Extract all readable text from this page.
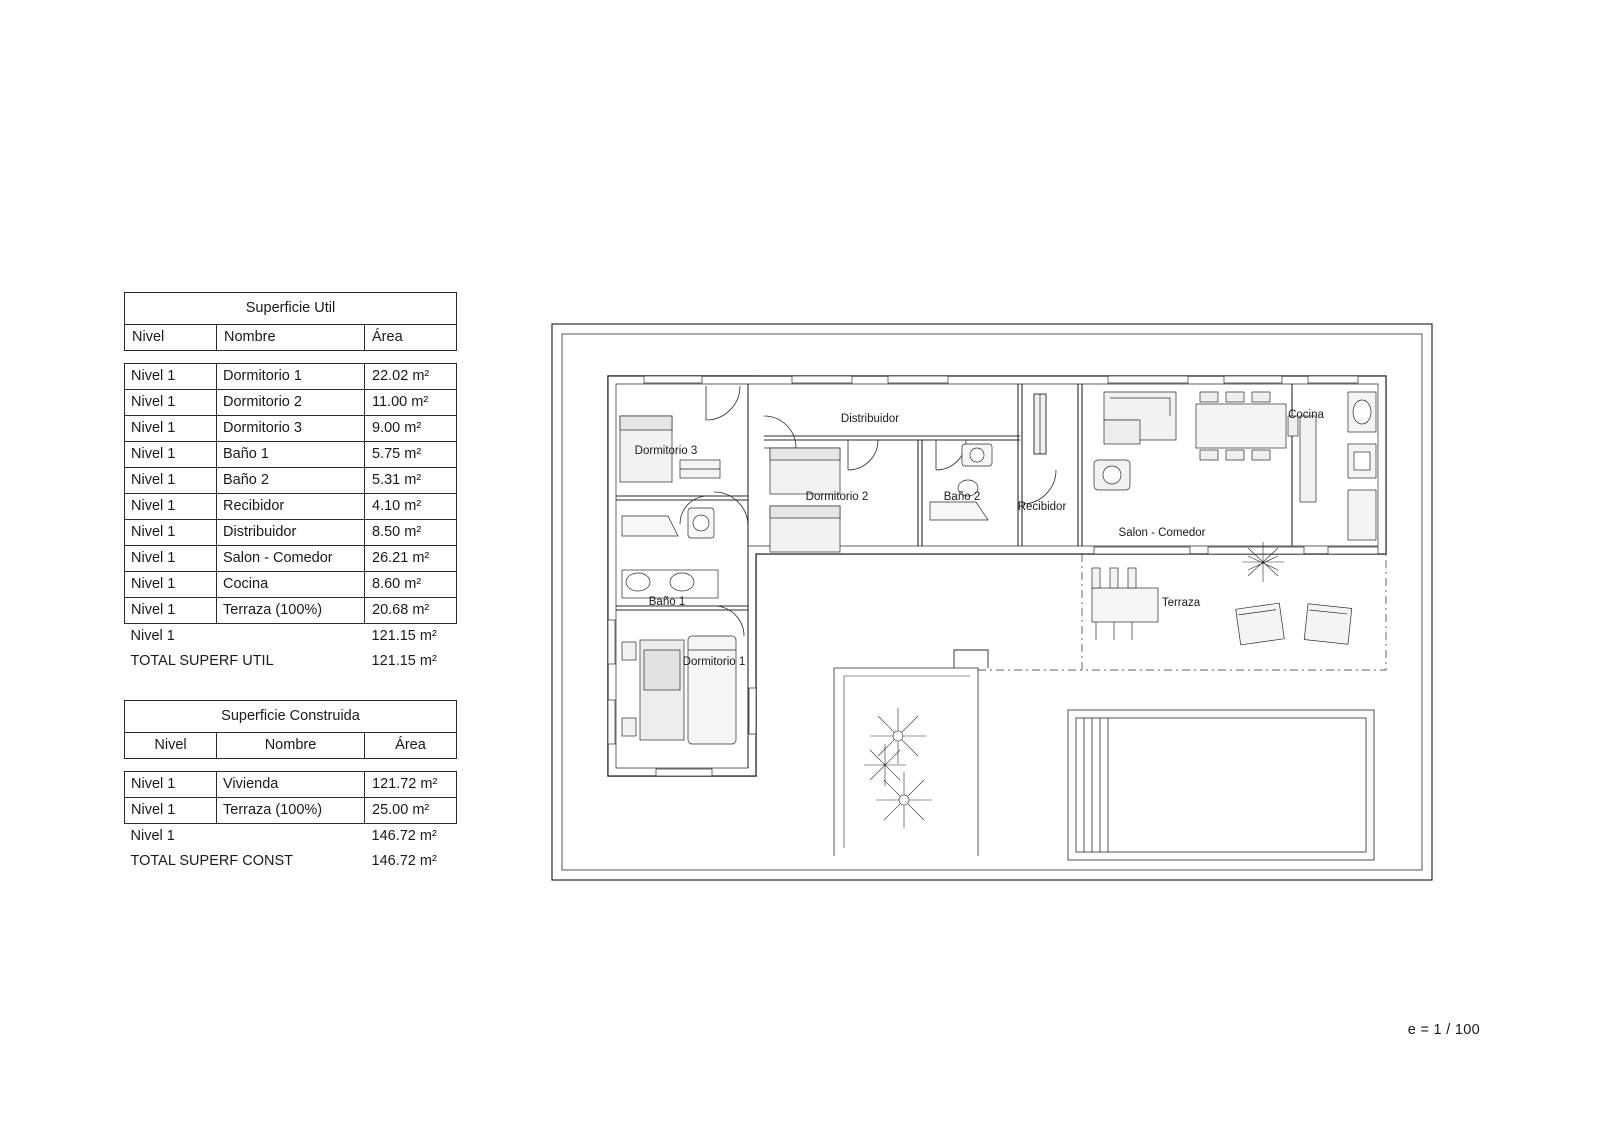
Superficie Util		
Nivel	Nombre	Área

Nivel 1	Dormitorio 1	22.02 m²
Nivel 1	Dormitorio 2	11.00 m²
Nivel 1	Dormitorio 3	9.00 m²
Nivel 1	Baño 1	5.75 m²
Nivel 1	Baño 2	5.31 m²
Nivel 1	Recibidor	4.10 m²
Nivel 1	Distribuidor	8.50 m²
Nivel 1	Salon - Comedor	26.21 m²
Nivel 1	Cocina	8.60 m²
Nivel 1	Terraza (100%)	20.68 m²
Nivel 1		121.15 m²
TOTAL SUPERF UTIL		121.15 m²
Superficie Construida		
Nivel	Nombre	Área

Nivel 1	Vivienda	121.72 m²
Nivel 1	Terraza (100%)	25.00 m²
Nivel 1		146.72 m²
TOTAL SUPERF CONST		146.72 m²
e = 1 / 100
Dormitorio 3
Distribuidor
Dormitorio 2	Baño 2
Recibidor
Cocina
Salon - Comedor
Baño 1
Dormitorio 1
Terraza
